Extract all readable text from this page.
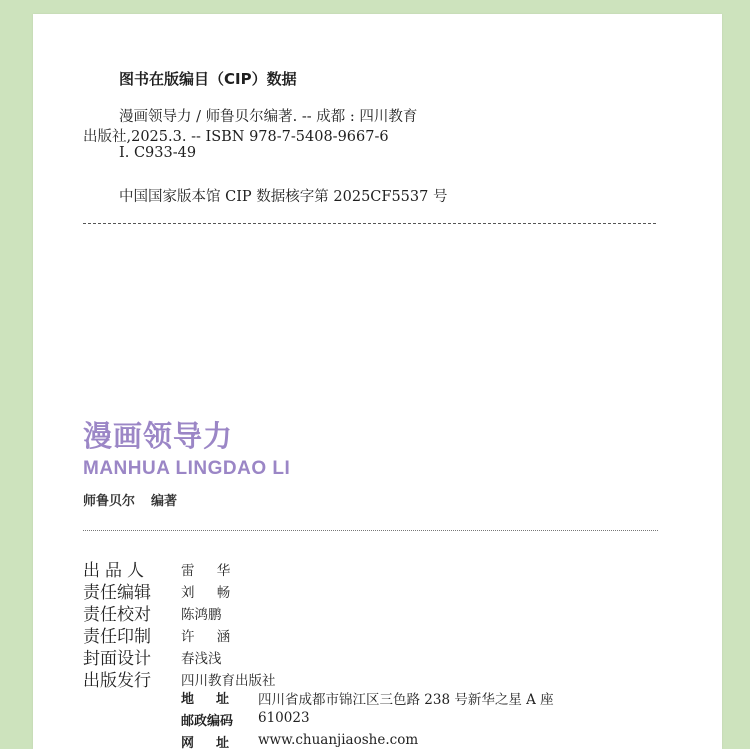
图书在版编目（CIP）数据
漫画领导力 / 师鲁贝尔编著. -- 成都 : 四川教育
出版社,2025.3. -- ISBN 978-7-5408-9667-6
Ⅰ. C933-49
中国国家版本馆 CIP 数据核字第 2025CF5537 号
漫画领导力
MANHUA LINGDAO LI
师鲁贝尔 编著
出品人	雷 华
责任编辑	刘 畅
责任校对	陈鸿鹏
责任印制	许 涵
封面设计	春浅浅
出版发行	四川教育出版社
地址 四川省成都市锦江区三色路 238 号新华之星 A 座
邮政编码 610023
网址 www.chuanjiaoshe.com
